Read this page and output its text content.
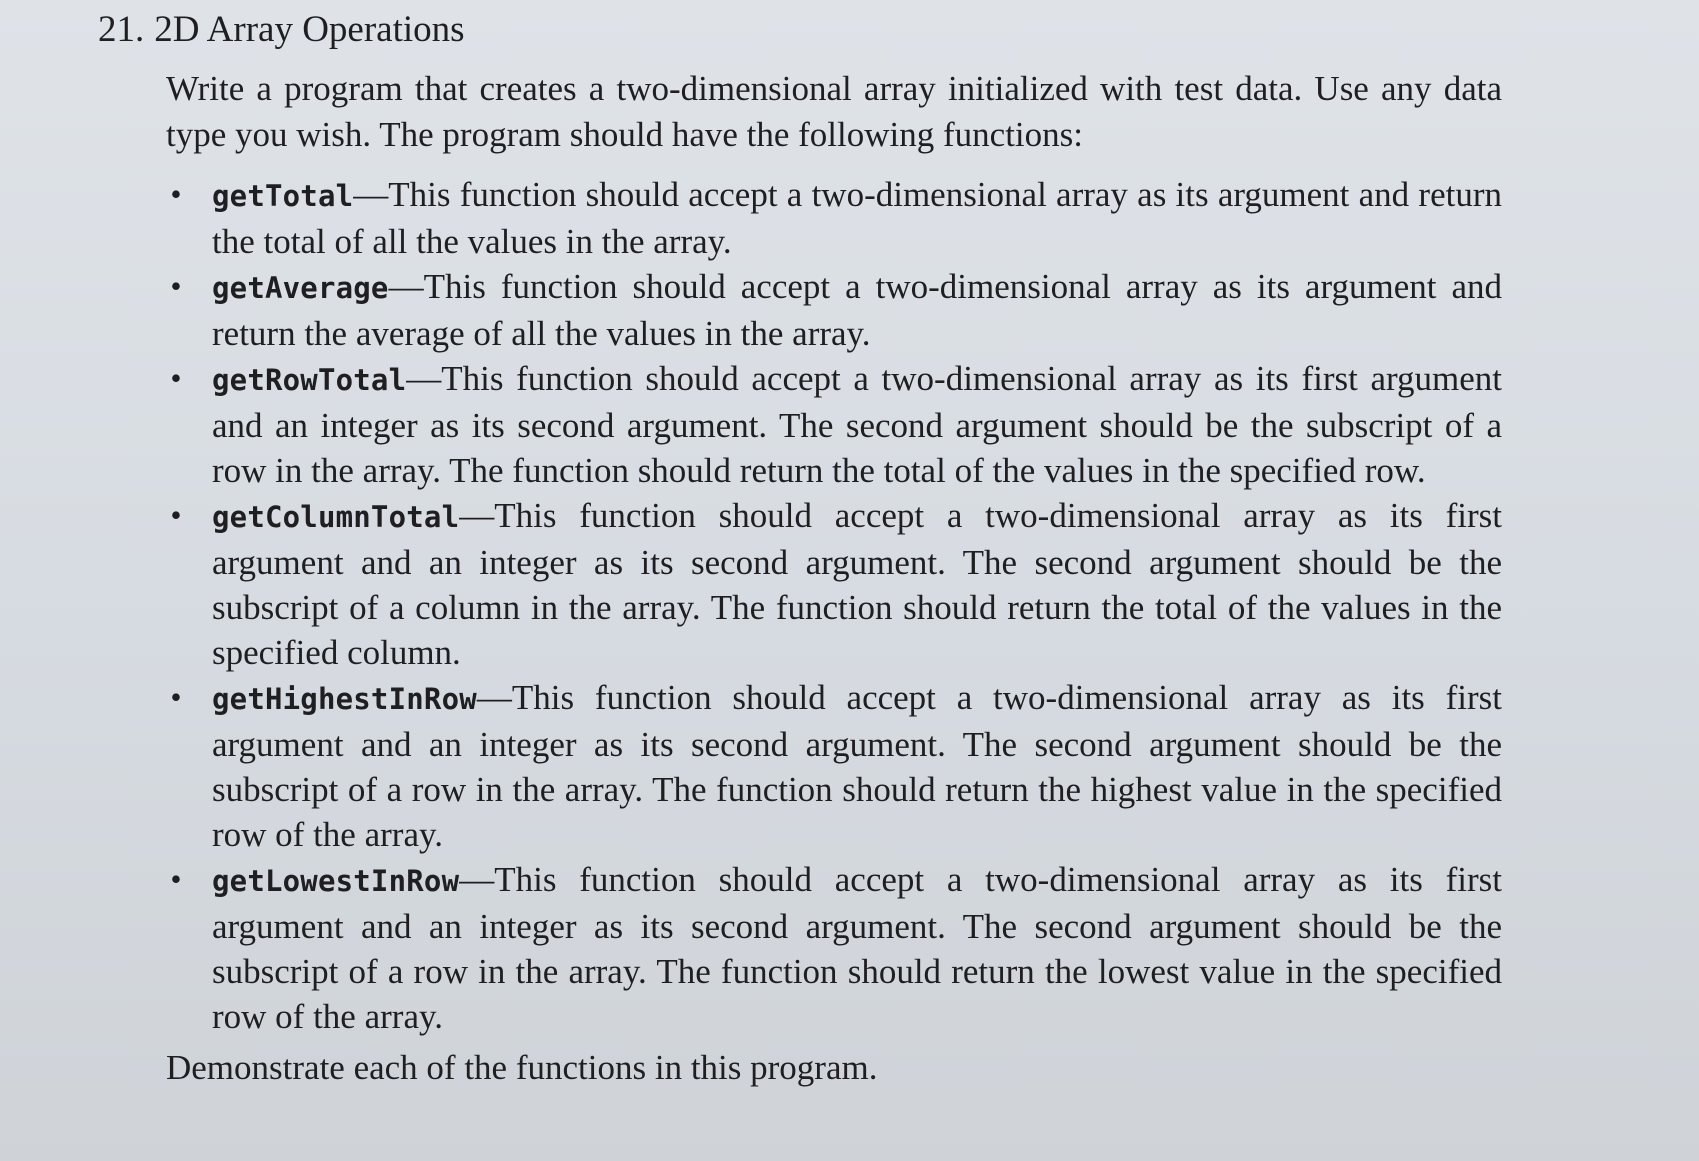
21. 2D Array Operations

Write a program that creates a two-dimensional array initialized with test data. Use any data type you wish. The program should have the following functions:

• getTotal—This function should accept a two-dimensional array as its argument and return the total of all the values in the array.
• getAverage—This function should accept a two-dimensional array as its argument and return the average of all the values in the array.
• getRowTotal—This function should accept a two-dimensional array as its first argument and an integer as its second argument. The second argument should be the subscript of a row in the array. The function should return the total of the values in the specified row.
• getColumnTotal—This function should accept a two-dimensional array as its first argument and an integer as its second argument. The second argument should be the subscript of a column in the array. The function should return the total of the values in the specified column.
• getHighestInRow—This function should accept a two-dimensional array as its first argument and an integer as its second argument. The second argument should be the subscript of a row in the array. The function should return the highest value in the specified row of the array.
• getLowestInRow—This function should accept a two-dimensional array as its first argument and an integer as its second argument. The second argument should be the subscript of a row in the array. The function should return the lowest value in the specified row of the array.

Demonstrate each of the functions in this program.
